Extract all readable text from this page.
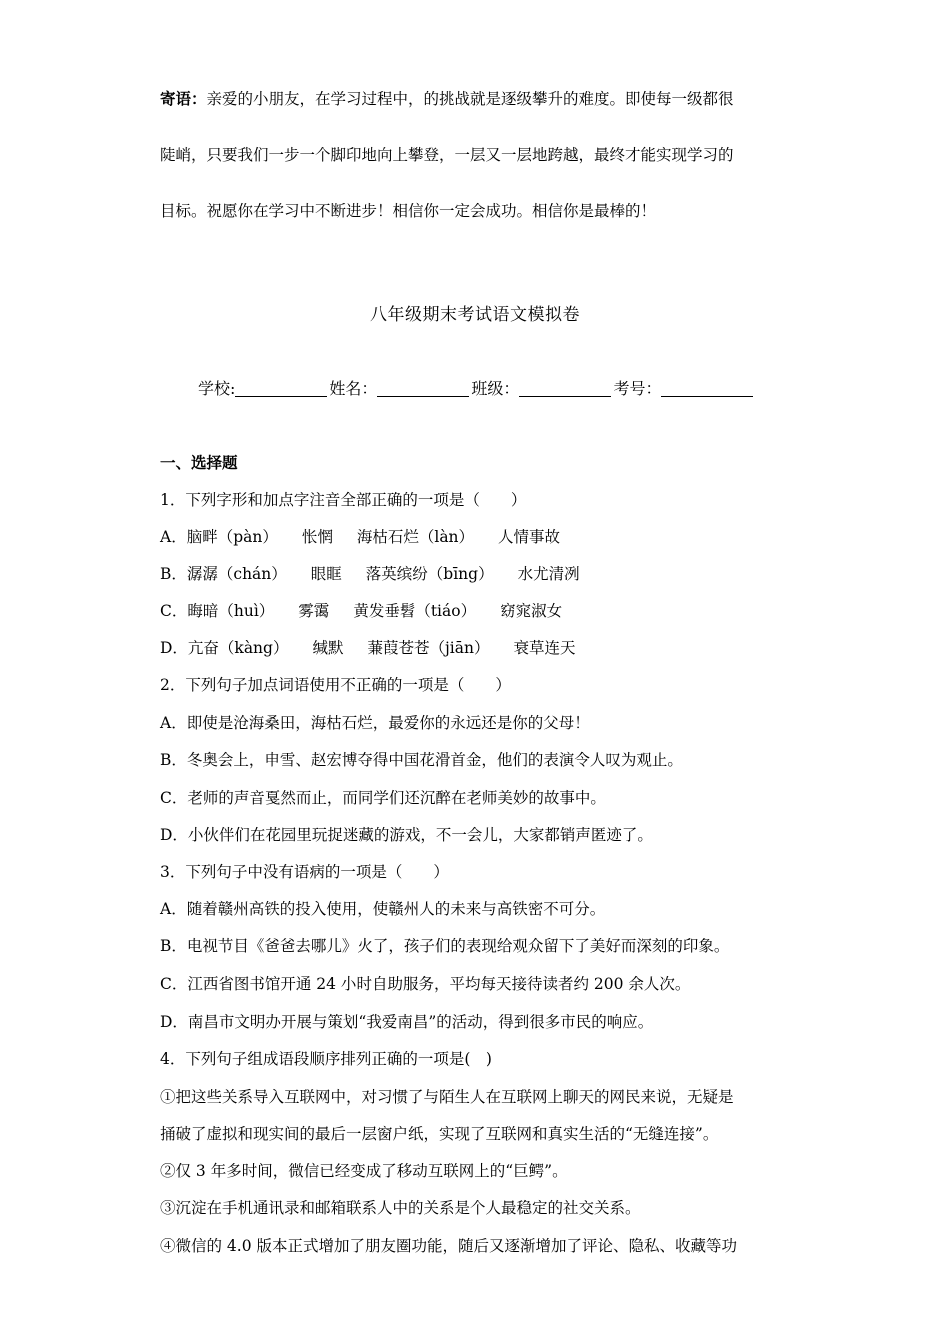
寄语：亲爱的小朋友，在学习过程中，的挑战就是逐级攀升的难度。即使每一级都很
陡峭，只要我们一步一个脚印地向上攀登，一层又一层地跨越，最终才能实现学习的
目标。祝愿你在学习中不断进步！相信你一定会成功。相信你是最棒的！
八年级期末考试语文模拟卷
学校:	姓名：	班级：	考号：
一、选择题
1．下列字形和加点字注音全部正确的一项是（　　）
A．脑畔（pàn） 怅惘 海枯石烂（làn） 人情事故
B．潺潺（chán） 眼眶 落英缤纷（bīng） 水尤清冽
C．晦暗（huì） 雾霭 黄发垂髫（tiáo） 窈窕淑女
D．亢奋（kàng） 缄默 蒹葭苍苍（jiān） 衰草连天
2．下列句子加点词语使用不正确的一项是（　　）
A．即使是沧海桑田，海枯石烂，最爱你的永远还是你的父母！
B．冬奥会上，申雪、赵宏博夺得中国花滑首金，他们的表演令人叹为观止。
C．老师的声音戛然而止，而同学们还沉醉在老师美妙的故事中。
D．小伙伴们在花园里玩捉迷藏的游戏，不一会儿，大家都销声匿迹了。
3．下列句子中没有语病的一项是（　　）
A．随着赣州高铁的投入使用，使赣州人的未来与高铁密不可分。
B．电视节目《爸爸去哪儿》火了，孩子们的表现给观众留下了美好而深刻的印象。
C．江西省图书馆开通 24 小时自助服务，平均每天接待读者约 200 余人次。
D．南昌市文明办开展与策划“我爱南昌”的活动，得到很多市民的响应。
4．下列句子组成语段顺序排列正确的一项是(　)
①把这些关系导入互联网中，对习惯了与陌生人在互联网上聊天的网民来说，无疑是
捅破了虚拟和现实间的最后一层窗户纸，实现了互联网和真实生活的“无缝连接”。
②仅 3 年多时间，微信已经变成了移动互联网上的“巨鳄”。
③沉淀在手机通讯录和邮箱联系人中的关系是个人最稳定的社交关系。
④微信的 4.0 版本正式增加了朋友圈功能，随后又逐渐增加了评论、隐私、收藏等功
